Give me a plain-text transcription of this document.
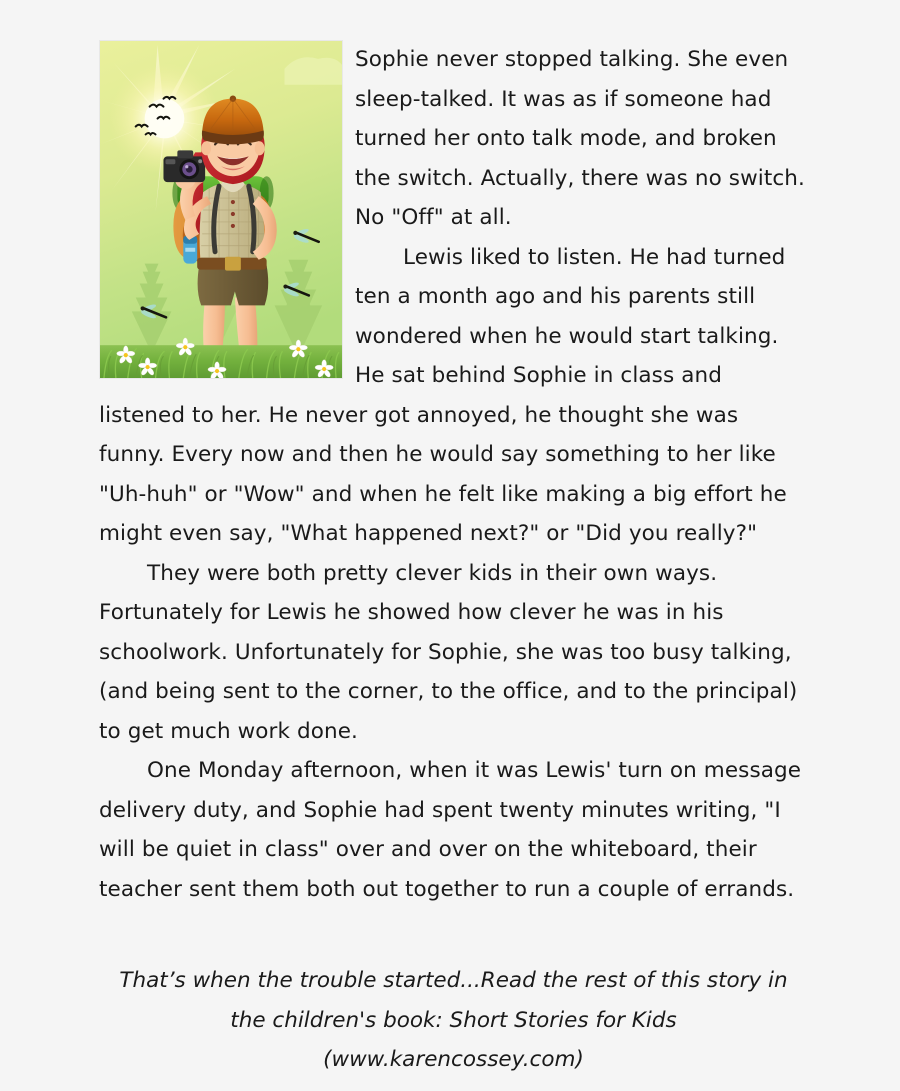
Sophie never stopped talking. She even sleep-talked. It was as if someone had turned her onto talk mode, and broken the switch. Actually, there was no switch. No "Off" at all.

Lewis liked to listen. He had turned ten a month ago and his parents still wondered when he would start talking. He sat behind Sophie in class and listened to her. He never got annoyed, he thought she was funny. Every now and then he would say something to her like "Uh-huh" or "Wow" and when he felt like making a big effort he might even say, "What happened next?" or "Did you really?"

They were both pretty clever kids in their own ways. Fortunately for Lewis he showed how clever he was in his schoolwork. Unfortunately for Sophie, she was too busy talking, (and being sent to the corner, to the office, and to the principal) to get much work done.

One Monday afternoon, when it was Lewis' turn on message delivery duty, and Sophie had spent twenty minutes writing, "I will be quiet in class" over and over on the whiteboard, their teacher sent them both out together to run a couple of errands.

That’s when the trouble started...Read the rest of this story in
the children's book: Short Stories for Kids
(www.karencossey.com)
